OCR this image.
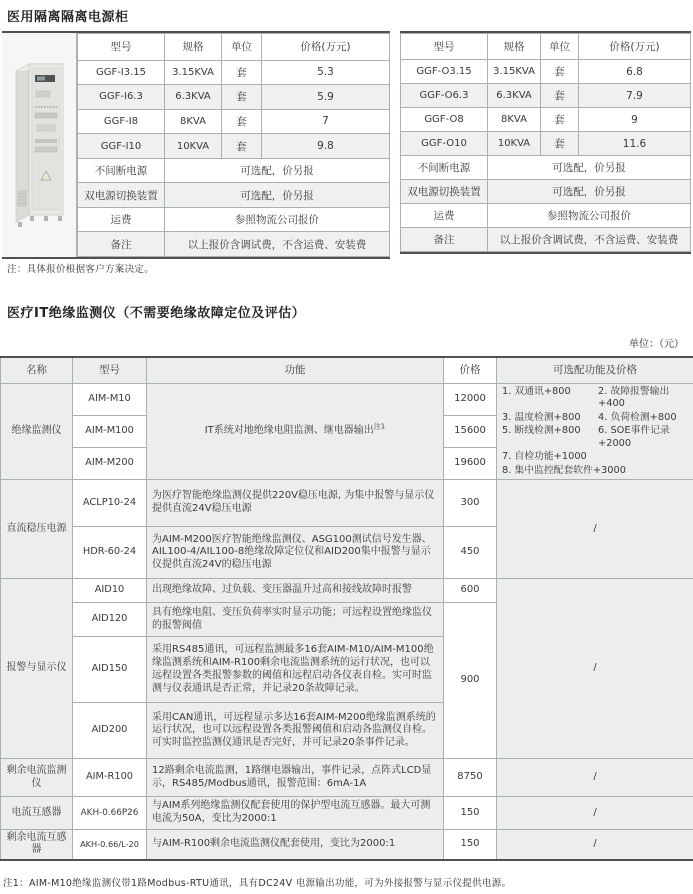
医用隔离隔离电源柜
型号	规格	单位	价格(万元)
GGF-I3.15	3.15KVA	套	5.3
GGF-I6.3	6.3KVA	套	5.9
GGF-I8	8KVA	套	7
GGF-I10	10KVA	套	9.8
不间断电源	可选配，价另报		
双电源切换装置	可选配，价另报		
运费	参照物流公司报价		
备注	以上报价含调试费，不含运费、安装费		
型号	规格	单位	价格(万元)
GGF-O3.15	3.15KVA	套	6.8
GGF-O6.3	6.3KVA	套	7.9
GGF-O8	8KVA	套	9
GGF-O10	10KVA	套	11.6
不间断电源	可选配，价另报		
双电源切换装置	可选配，价另报		
运费	参照物流公司报价		
备注	以上报价含调试费，不含运费、安装费		
注：具体报价根据客户方案决定。
医疗IT绝缘监测仪（不需要绝缘故障定位及评估）
单位：（元）
名称	型号	功能	价格	可选配功能及价格
绝缘监测仪	AIM-M10	IT系统对地绝缘电阻监测、继电器输出$^{注1}$	12000	
1. 双通讯+800	2. 故障报警输出+400
3. 温度检测+800	4. 负荷检测+800
5. 断线检测+800	6. SOE事件记录+2000
7. 自检功能+1000
8. 集中监控配套软件+3000

	AIM-M100		15600	
	AIM-M200		19600	
直流稳压电源	ACLP10-24	为医疗智能绝缘监测仪提供220V稳压电源, 为集中报警与显示仪提供直流24V稳压电源	300	/
	HDR-60-24	为AIM-M200医疗智能绝缘监测仪、ASG100测试信号发生器、AIL100-4/AIL100-8绝缘故障定位仪和AID200集中报警与显示仪提供直流24V的稳压电源	450	
报警与显示仪	AID10	出现绝缘故障、过负载、变压器温升过高和接线故障时报警	600	/
	AID120	具有绝缘电阻、变压负荷率实时显示功能；可远程设置绝缘监仪的报警阀值	900	
	AID150	采用RS485通讯，可远程监测最多16套AIM-M10/AIM-M100绝缘监测系统和AIM-R100剩余电流监测系统的运行状况，也可以远程设置各类报警参数的阈值和远程启动各仪表自检。实可时监测与仪表通讯是否正常，并记录20条故障记录。		
	AID200	采用CAN通讯，可远程显示多达16套AIM-M200绝缘监测系统的运行状况，也可以远程设置各类报警阈值和启动各监测仪自检。可实时监控监测仪通讯是否完好，并可记录20条事件记录。		
剩余电流监测仪	AIM-R100	12路剩余电流监测，1路继电器输出，事件记录，点阵式LCD显示，RS485/Modbus通讯，报警范围：6mA-1A	8750	/
电流互感器	AKH-0.66P26	与AIM系列绝缘监测仪配套使用的保护型电流互感器。最大可测电流为50A，变比为2000:1	150	/
剩余电流互感器	AKH-0.66/L-20	与AIM-R100剩余电流监测仪配套使用，变比为2000:1	150	/
注1：AIM-M10绝缘监测仪带1路Modbus-RTU通讯，具有DC24V 电源输出功能，可为外接报警与显示仪提供电源。
